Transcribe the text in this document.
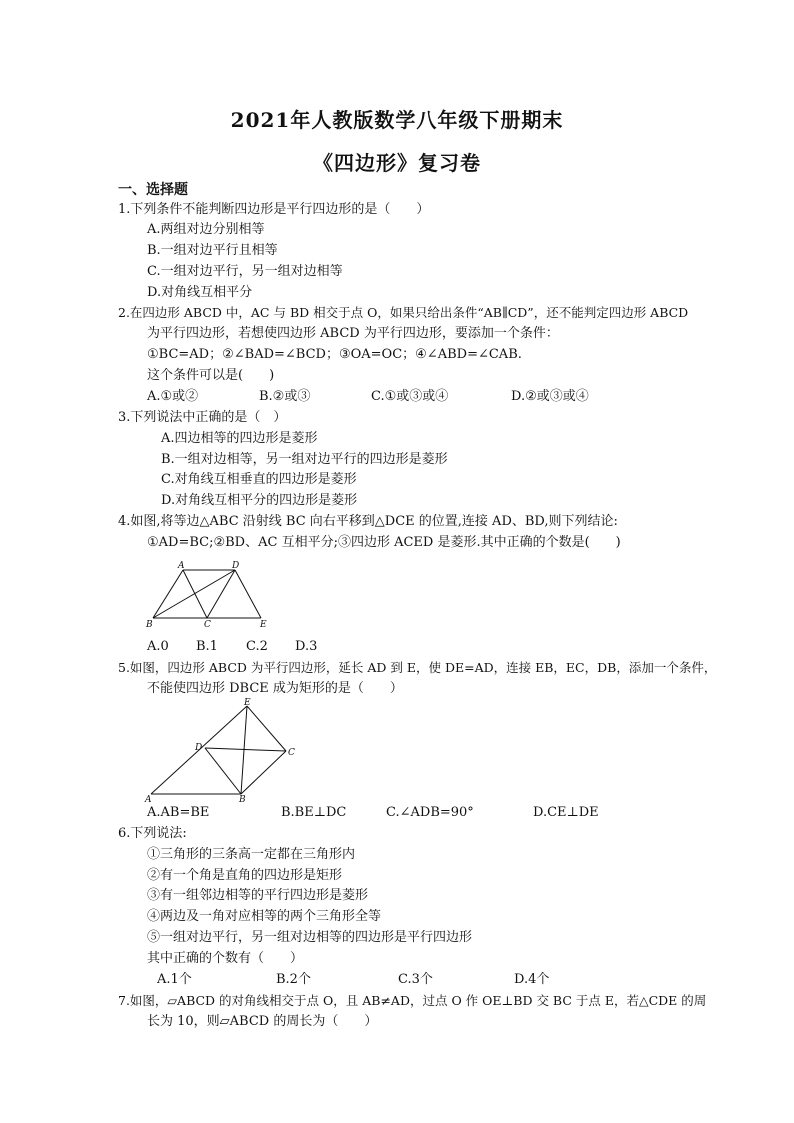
2021年人教版数学八年级下册期末
《四边形》复习卷
一、选择题
1.下列条件不能判断四边形是平行四边形的是（　　）
A.两组对边分别相等
B.一组对边平行且相等
C.一组对边平行，另一组对边相等
D.对角线互相平分
2.在四边形 ABCD 中，AC 与 BD 相交于点 O，如果只给出条件“AB∥CD”，还不能判定四边形 ABCD
为平行四边形，若想使四边形 ABCD 为平行四边形，要添加一个条件：
①BC=AD；②∠BAD=∠BCD；③OA=OC；④∠ABD=∠CAB.
这个条件可以是(　　)
A.①或②	B.②或③	C.①或③或④	D.②或③或④
3.下列说法中正确的是（　）
A.四边相等的四边形是菱形
B.一组对边相等，另一组对边平行的四边形是菱形
C.对角线互相垂直的四边形是菱形
D.对角线互相平分的四边形是菱形
4.如图,将等边△ABC 沿射线 BC 向右平移到△DCE 的位置,连接 AD、BD,则下列结论:
①AD=BC;②BD、AC 互相平分;③四边形 ACED 是菱形.其中正确的个数是(　　)
A	D
B	C	E
A.0 B.1 C.2 D.3
5.如图，四边形 ABCD 为平行四边形，延长 AD 到 E，使 DE=AD，连接 EB，EC，DB，添加一个条件，
不能使四边形 DBCE 成为矩形的是（　　）
E
D	C
A	B
A.AB=BE	B.BE⊥DC	C.∠ADB=90°	D.CE⊥DE
6.下列说法:
①三角形的三条高一定都在三角形内
②有一个角是直角的四边形是矩形
③有一组邻边相等的平行四边形是菱形
④两边及一角对应相等的两个三角形全等
⑤一组对边平行，另一组对边相等的四边形是平行四边形
其中正确的个数有（　　）
A.1个	B.2个	C.3个	D.4个
7.如图，▱ABCD 的对角线相交于点 O，且 AB≠AD，过点 O 作 OE⊥BD 交 BC 于点 E，若△CDE 的周
长为 10，则▱ABCD 的周长为（　　）
